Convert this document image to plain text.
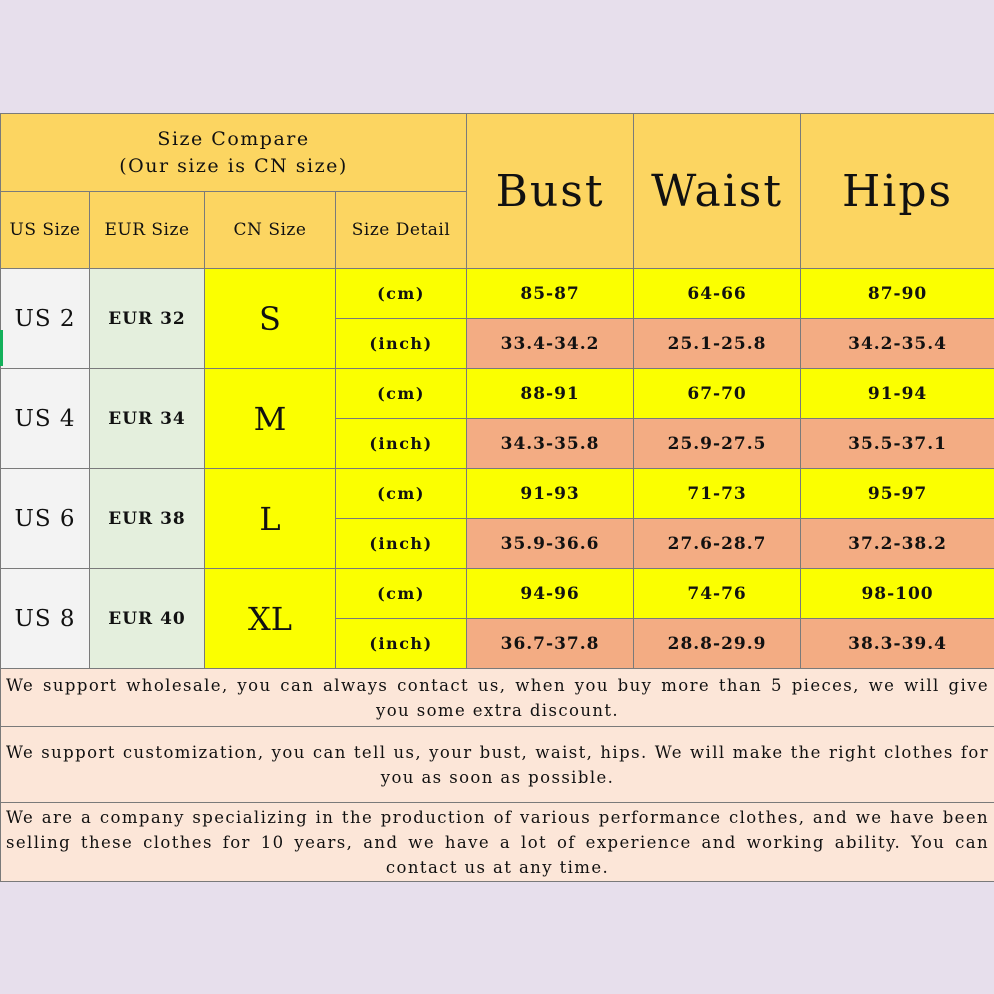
Size Compare
(Our size is CN size)				Bust	Waist	Hips
US Size	EUR Size	CN Size	Size Detail			
US 2	EUR 32	S	(cm)	85-87	64-66	87-90
			(inch)	33.4-34.2	25.1-25.8	34.2-35.4
US 4	EUR 34	M	(cm)	88-91	67-70	91-94
			(inch)	34.3-35.8	25.9-27.5	35.5-37.1
US 6	EUR 38	L	(cm)	91-93	71-73	95-97
			(inch)	35.9-36.6	27.6-28.7	37.2-38.2
US 8	EUR 40	XL	(cm)	94-96	74-76	98-100
			(inch)	36.7-37.8	28.8-29.9	38.3-39.4
We support wholesale, you can always contact us, when you buy more than 5 pieces, we will give you some extra discount.						
We support customization, you can tell us, your bust, waist, hips. We will make the right clothes for you as soon as possible.						
We are a company specializing in the production of various performance clothes, and we have been selling these clothes for 10 years, and we have a lot of experience and working ability. You can contact us at any time.						
